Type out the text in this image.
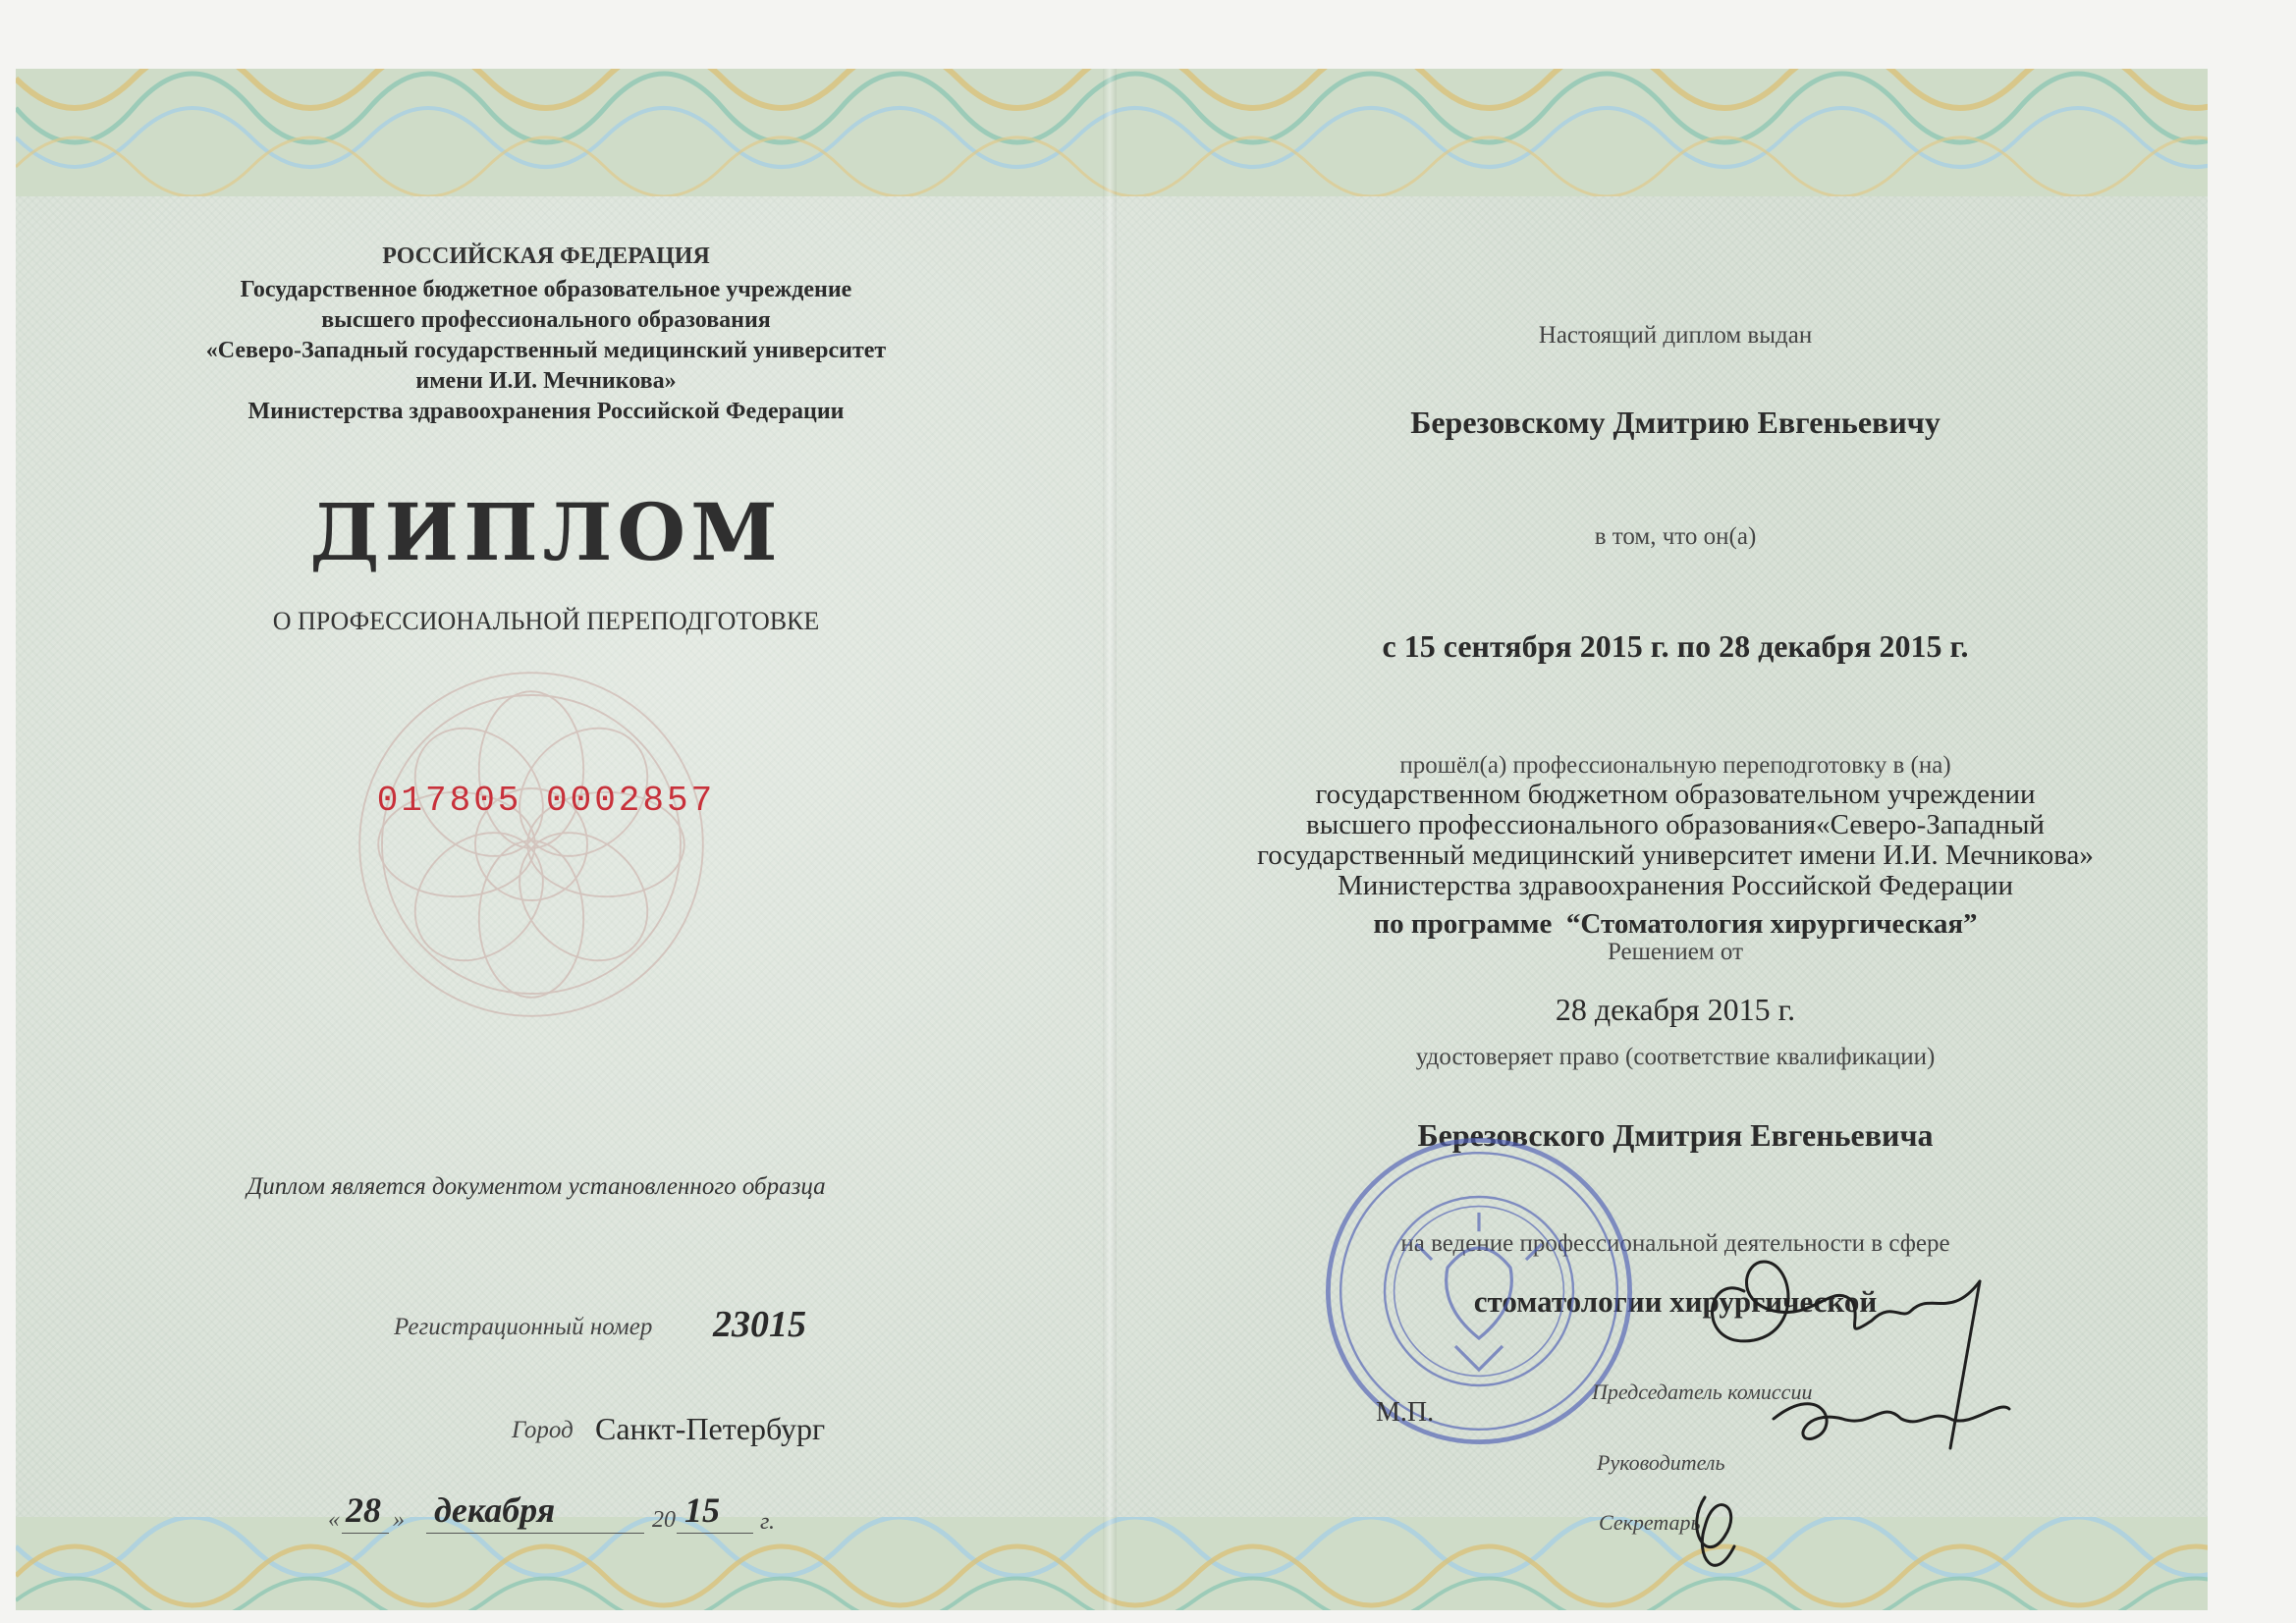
РОССИЙСКАЯ ФЕДЕРАЦИЯ

Государственное бюджетное образовательное учреждение
высшего профессионального образования
«Северо-Западный государственный медицинский университет
имени И.И. Мечникова»
Министерства здравоохранения Российской Федерации

ДИПЛОМ

О ПРОФЕССИОНАЛЬНОЙ ПЕРЕПОДГОТОВКЕ

017805 0002857

Диплом является документом установленного образца

Регистрационный номер 23015

Город Санкт-Петербург

« 28 » декабря	20 15 г.

Настоящий диплом выдан

Березовскому Дмитрию Евгеньевичу

в том, что он(а)

с 15 сентября 2015 г. по 28 декабря 2015 г.

прошёл(а) профессиональную переподготовку в (на)

государственном бюджетном образовательном учреждении
высшего профессионального образования«Северо-Западный
государственный медицинский университет имени И.И. Мечникова»
Министерства здравоохранения Российской Федерации

по программе “Стоматология хирургическая”

Решением от

28 декабря 2015 г.

удостоверяет право (соответствие квалификации)

Березовского Дмитрия Евгеньевича

на ведение профессиональной деятельности в сфере

стоматологии хирургической

М.П.

Председатель комиссии
Руководитель
Секретарь
